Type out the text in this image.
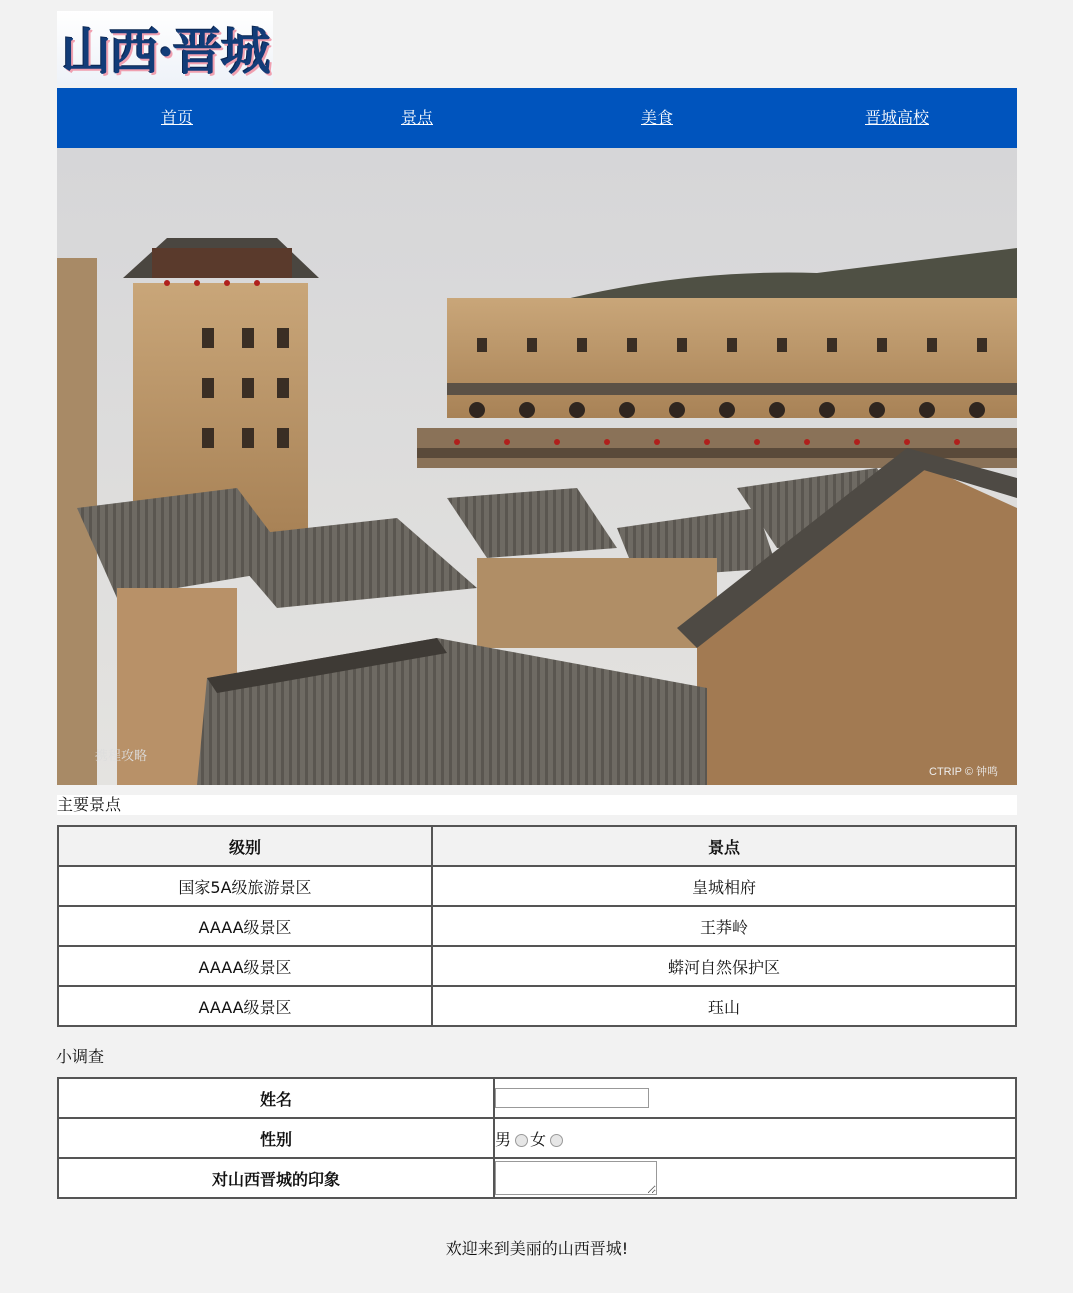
山西·晋城
首页	景点	美食	晋城高校
携程攻略
CTRIP © 钟鸣
主要景点
级别	景点
国家5A级旅游景区	皇城相府
AAAA级景区	王莽岭
AAAA级景区	蟒河自然保护区
AAAA级景区	珏山
小调查
姓名	
性别	男 女
对山西晋城的印象	
欢迎来到美丽的山西晋城!
